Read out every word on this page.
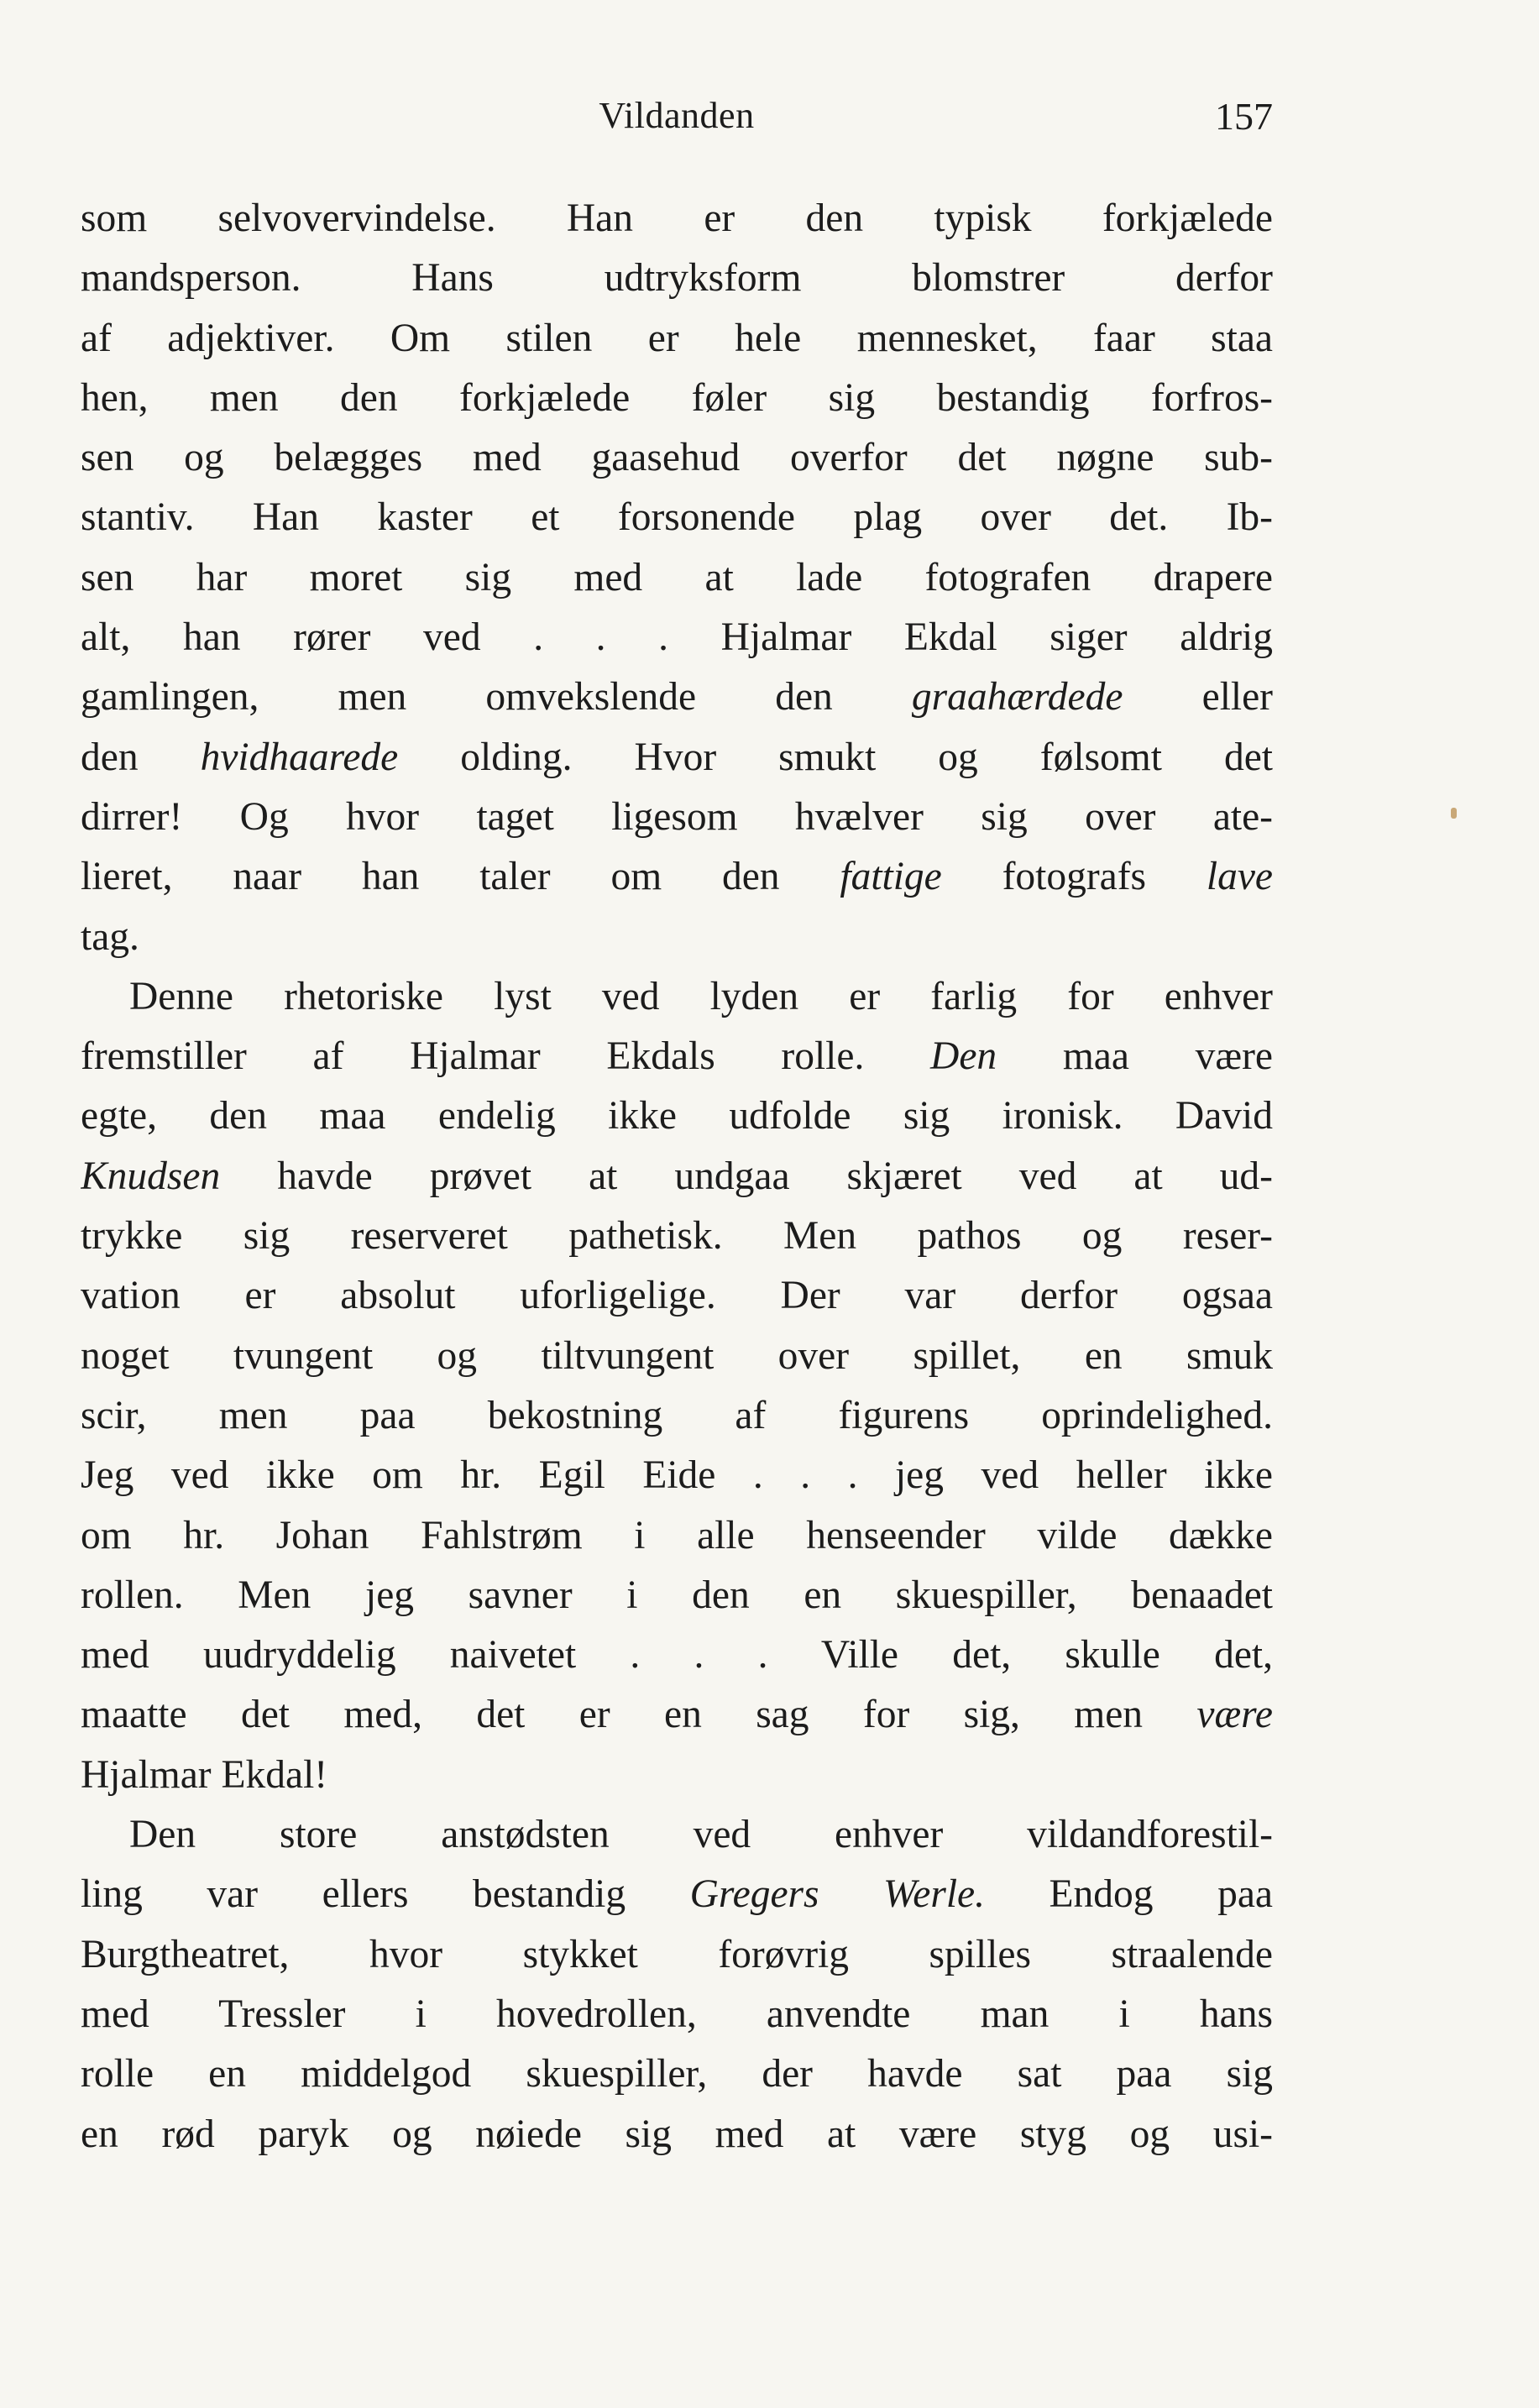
Vildanden	157
som selvovervindelse. Han er den typisk forkjælede
mandsperson. Hans udtryksform blomstrer derfor
af adjektiver. Om stilen er hele mennesket, faar staa
hen, men den forkjælede føler sig bestandig forfros-
sen og belægges med gaasehud overfor det nøgne sub-
stantiv. Han kaster et forsonende plag over det. Ib-
sen har moret sig med at lade fotografen drapere
alt, han rører ved . . . Hjalmar Ekdal siger aldrig
gamlingen, men omvekslende den graahærdede eller
den hvidhaarede olding. Hvor smukt og følsomt det
dirrer! Og hvor taget ligesom hvælver sig over ate-
lieret, naar han taler om den fattige fotografs lave
tag.
Denne rhetoriske lyst ved lyden er farlig for enhver
fremstiller af Hjalmar Ekdals rolle. Den maa være
egte, den maa endelig ikke udfolde sig ironisk. David
Knudsen havde prøvet at undgaa skjæret ved at ud-
trykke sig reserveret pathetisk. Men pathos og reser-
vation er absolut uforligelige. Der var derfor ogsaa
noget tvungent og tiltvungent over spillet, en smuk
scir, men paa bekostning af figurens oprindelighed.
Jeg ved ikke om hr. Egil Eide . . . jeg ved heller ikke
om hr. Johan Fahlstrøm i alle henseender vilde dække
rollen. Men jeg savner i den en skuespiller, benaadet
med uudryddelig naivetet . . . Ville det, skulle det,
maatte det med, det er en sag for sig, men være
Hjalmar Ekdal!
Den store anstødsten ved enhver vildandforestil-
ling var ellers bestandig Gregers Werle. Endog paa
Burgtheatret, hvor stykket forøvrig spilles straalende
med Tressler i hovedrollen, anvendte man i hans
rolle en middelgod skuespiller, der havde sat paa sig
en rød paryk og nøiede sig med at være styg og usi-
